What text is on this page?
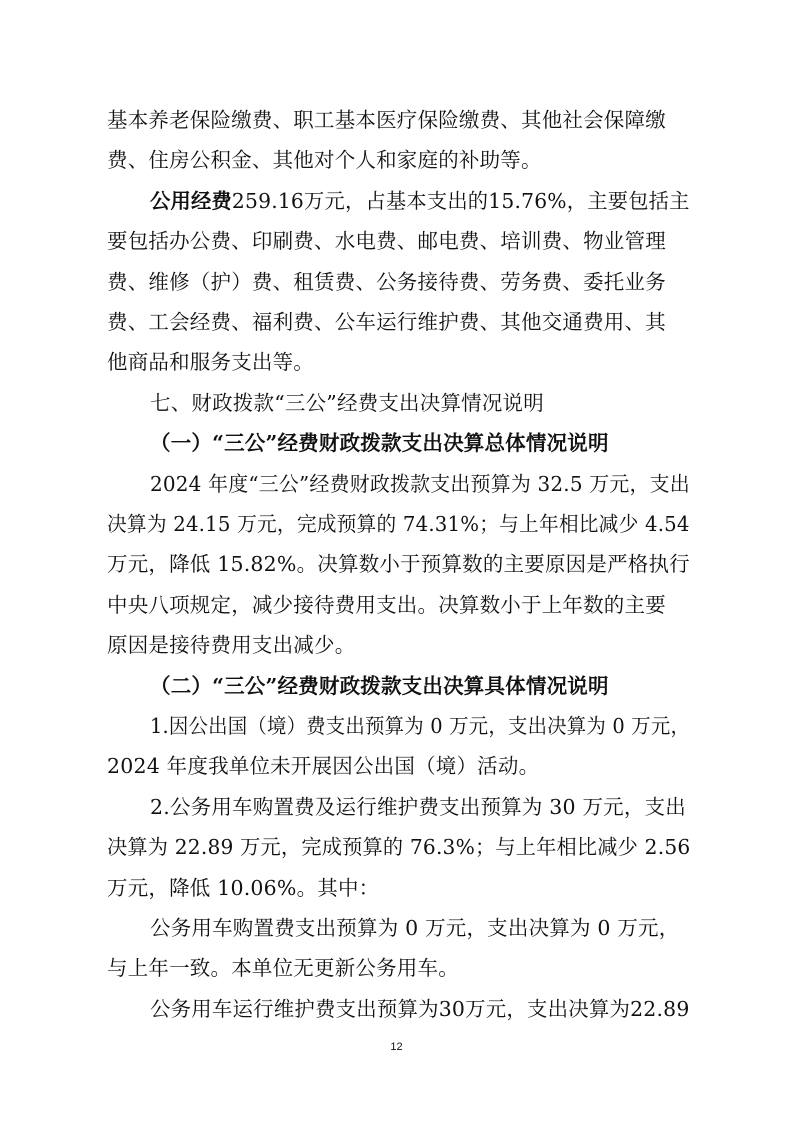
基本养老保险缴费、职工基本医疗保险缴费、其他社会保障缴
费、住房公积金、其他对个人和家庭的补助等。
公用经费259.16万元，占基本支出的15.76%，主要包括主
要包括办公费、印刷费、水电费、邮电费、培训费、物业管理
费、维修（护）费、租赁费、公务接待费、劳务费、委托业务
费、工会经费、福利费、公车运行维护费、其他交通费用、其
他商品和服务支出等。
七、财政拨款“三公”经费支出决算情况说明
（一）“三公”经费财政拨款支出决算总体情况说明
2024 年度“三公”经费财政拨款支出预算为 32.5 万元，支出
决算为 24.15 万元，完成预算的 74.31%；与上年相比减少 4.54
万元，降低 15.82%。决算数小于预算数的主要原因是严格执行
中央八项规定，减少接待费用支出。决算数小于上年数的主要
原因是接待费用支出减少。
（二）“三公”经费财政拨款支出决算具体情况说明
1.因公出国（境）费支出预算为 0 万元，支出决算为 0 万元，
2024 年度我单位未开展因公出国（境）活动。
2.公务用车购置费及运行维护费支出预算为 30 万元，支出
决算为 22.89 万元，完成预算的 76.3%；与上年相比减少 2.56
万元，降低 10.06%。其中：
公务用车购置费支出预算为 0 万元，支出决算为 0 万元，
与上年一致。本单位无更新公务用车。
公务用车运行维护费支出预算为30万元，支出决算为22.89
12
